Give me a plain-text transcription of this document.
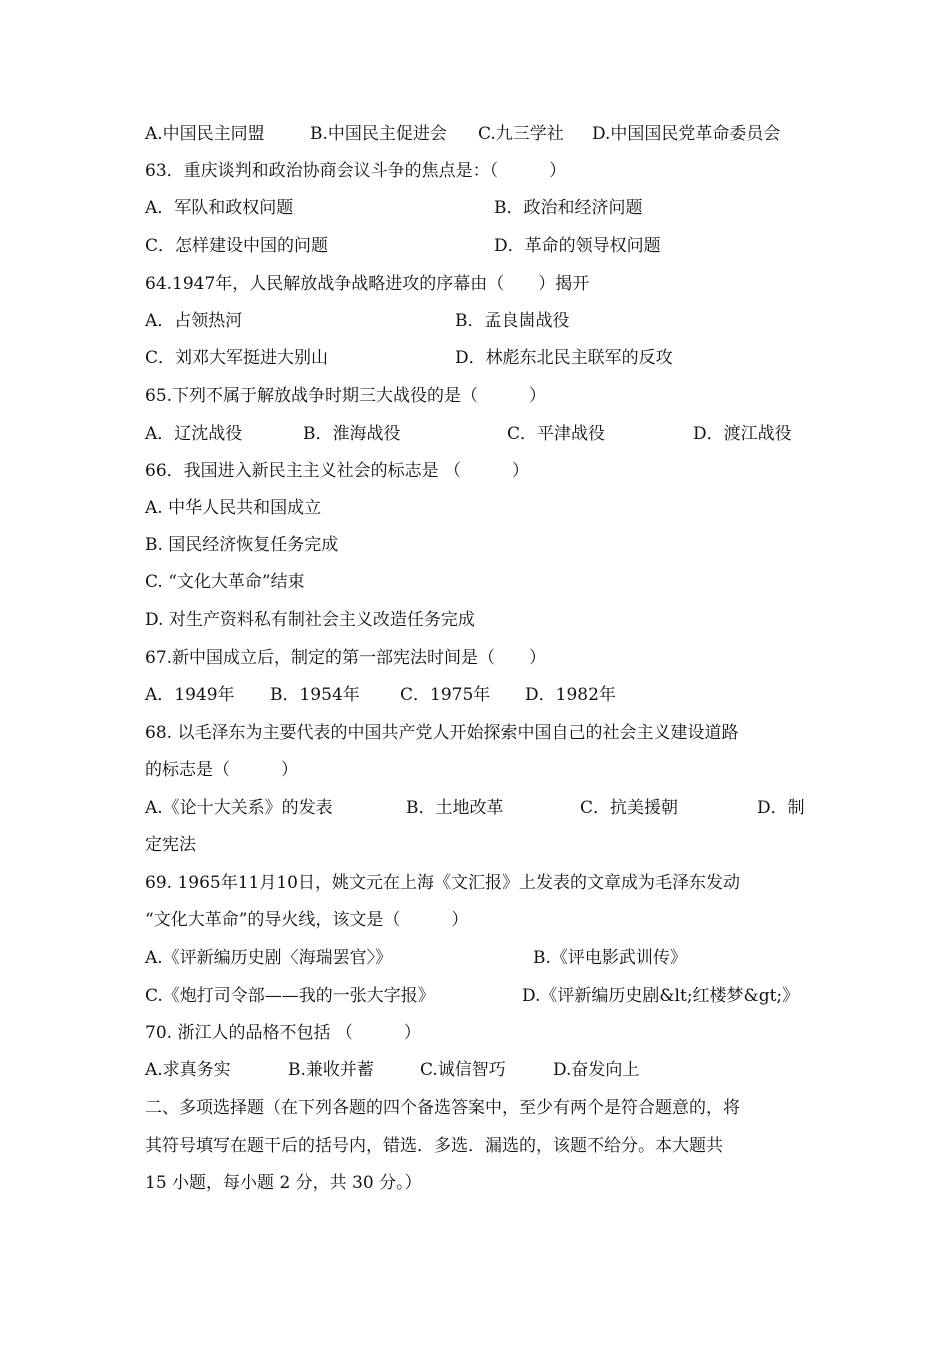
A.中国民主同盟	B.中国民主促进会 C.九三学社 D.中国国民党革命委员会
63．重庆谈判和政治协商会议斗争的焦点是：（　　　）
A．军队和政权问题	B．政治和经济问题
C．怎样建设中国的问题	D．革命的领导权问题
64.1947年，人民解放战争战略进攻的序幕由（　　）揭开
A．占领热河	B．孟良崮战役
C．刘邓大军挺进大别山	D．林彪东北民主联军的反攻
65.下列不属于解放战争时期三大战役的是（　　　）
A．辽沈战役	B．淮海战役	C．平津战役	D．渡江战役
66．我国进入新民主主义社会的标志是 （　　　）
A. 中华人民共和国成立
B. 国民经济恢复任务完成
C. “文化大革命”结束
D. 对生产资料私有制社会主义改造任务完成
67.新中国成立后，制定的第一部宪法时间是（　　）
A．1949年 B．1954年 C．1975年 D．1982年
68. 以毛泽东为主要代表的中国共产党人开始探索中国自己的社会主义建设道路
的标志是（　　　）
A.《论十大关系》的发表	B．土地改革	C．抗美援朝	D．制
定宪法
69. 1965年11月10日，姚文元在上海《文汇报》上发表的文章成为毛泽东发动
“文化大革命”的导火线，该文是（　　　）
A.《评新编历史剧〈海瑞罢官〉》	B.《评电影武训传》
C.《炮打司令部——我的一张大字报》	D.《评新编历史剧&lt;红楼梦&gt;》
70. 浙江人的品格不包括 （　　　）
A.求真务实	B.兼收并蓄	C.诚信智巧	D.奋发向上
二、多项选择题（在下列各题的四个备选答案中，至少有两个是符合题意的，将
其符号填写在题干后的括号内，错选．多选．漏选的，该题不给分。本大题共
15 小题，每小题 2 分，共 30 分。）
